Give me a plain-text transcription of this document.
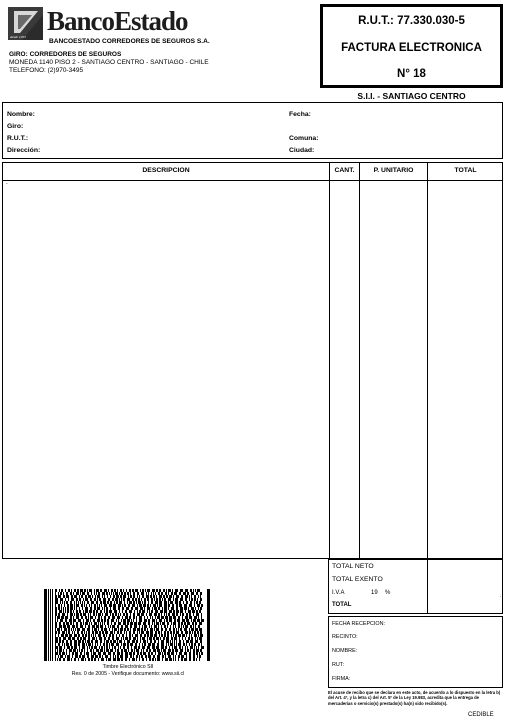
desde 1953
BancoEstado
BANCOESTADO CORREDORES DE SEGUROS S.A.
GIRO: CORREDORES DE SEGUROS
MONEDA 1140 PISO 2 - SANTIAGO CENTRO - SANTIAGO - CHILE
TELEFONO: (2)970-3495
R.U.T.: 77.330.030-5
FACTURA ELECTRONICA
N° 18
S.I.I. - SANTIAGO CENTRO
Nombre:
Giro:
R.U.T.:
Dirección:
Fecha:
Comuna:
Ciudad:
DESCRIPCION	CANT.	P. UNITARIO	TOTAL
.
TOTAL NETO
TOTAL EXENTO
I.V.A	19 %
TOTAL
.
FECHA RECEPCION:
RECINTO:
NOMBRE:
RUT:
FIRMA:
El acuse de recibo que se declara en este acto, de acuerdo a lo dispuesto en la letra b) del Art. 4º, y la letra c) del Art. 5º de la Ley 19.983, acredita que la entrega de mercaderías o servicio(s) prestado(s) ha(n) sido recibido(s).
CEDIBLE
Timbre Electrónico SII
Res. 0 de 2005 - Verifique documento: www.sii.cl
